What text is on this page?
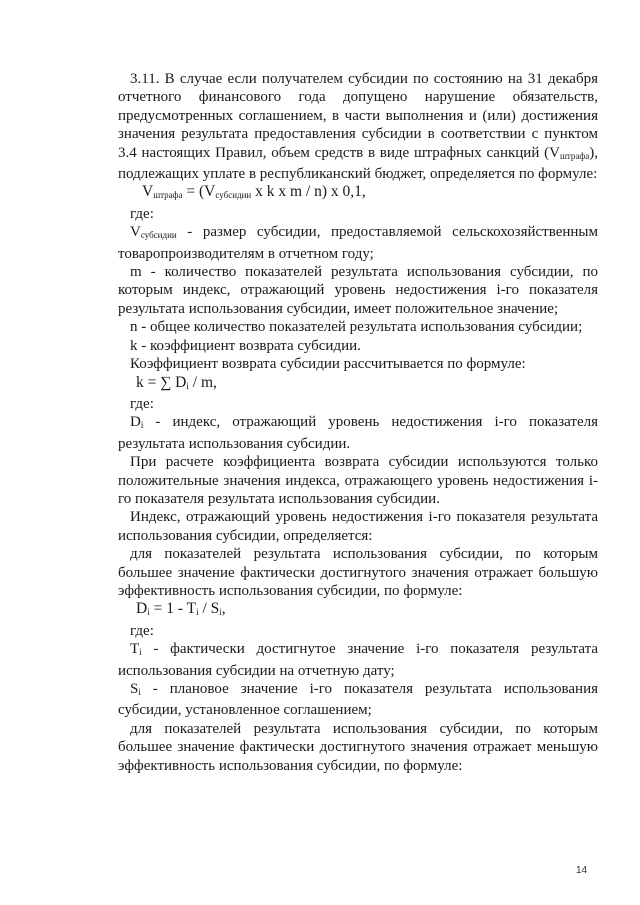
3.11. В случае если получателем субсидии по состоянию на 31 декабря отчетного финансового года допущено нарушение обязательств, предусмотренных соглашением, в части выполнения и (или) достижения значения результата предоставления субсидии в соответствии с пунктом 3.4 настоящих Правил, объем средств в виде штрафных санкций $(V_{штрафа})$, подлежащих уплате в республиканский бюджет, определяется по формуле:

$V_{штрафа} = (V_{субсидии}$ x k x m / n) x 0,1,

где:

$V_{субсидии}$ - размер субсидии, предоставляемой сельскохозяйственным товаропроизводителям в отчетном году;

m - количество показателей результата использования субсидии, по которым индекс, отражающий уровень недостижения i-го показателя результата использования субсидии, имеет положительное значение;

n - общее количество показателей результата использования субсидии;

k - коэффициент возврата субсидии.

Коэффициент возврата субсидии рассчитывается по формуле:

k = ∑ $D_i$ / m,

где:

$D_i$ - индекс, отражающий уровень недостижения i-го показателя результата использования субсидии.

При расчете коэффициента возврата субсидии используются только положительные значения индекса, отражающего уровень недостижения i-го показателя результата использования субсидии.

Индекс, отражающий уровень недостижения i-го показателя результата использования субсидии, определяется:

для показателей результата использования субсидии, по которым большее значение фактически достигнутого значения отражает большую эффективность использования субсидии, по формуле:

$D_i = 1 - T_i / S_i$,

где:

$T_i$ - фактически достигнутое значение i-го показателя результата использования субсидии на отчетную дату;

$S_i$ - плановое значение i-го показателя результата использования субсидии, установленное соглашением;

для показателей результата использования субсидии, по которым большее значение фактически достигнутого значения отражает меньшую эффективность использования субсидии, по формуле:

14
